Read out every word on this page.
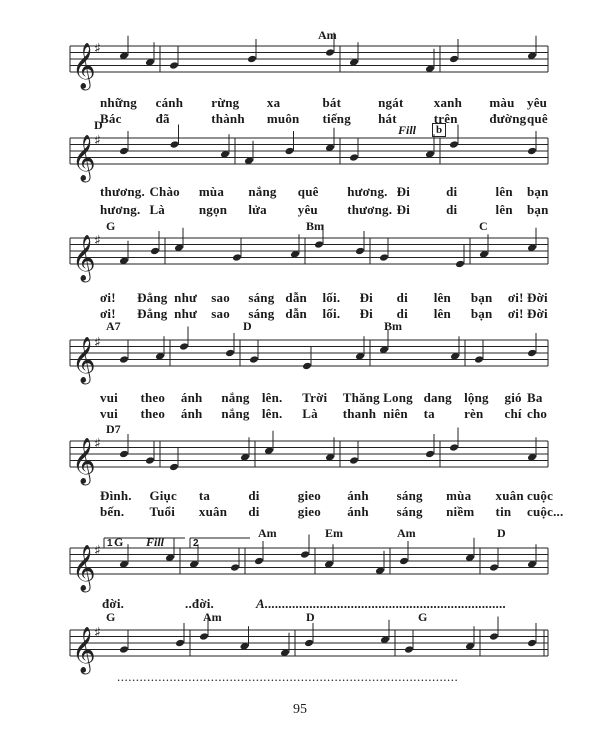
𝄞
♯
𝄞
♯
𝄞
♯
𝄞
♯
𝄞
♯
𝄞
♯
𝄞
♯
Am
D	Fill	b
G	Bm	C
A7	D	Bm
D7
1 G Fill	2
Am	Em	Am	D
G	Am	D	G
những cánh rừng xa	bát	ngát xanh màu yêu
Bác	đã	thành muôn tiếng hát	trên đường quê
thương. Chào mùa nắng quê hương. Đi	di	lên bạn
hương. Là	ngọn lửa yêu thương. Đi	di	lên bạn
ơi! Đẳng như sao sáng dẫn lối. Đi di lên bạn ơi! Đời
ơi! Đẳng như sao sáng dẫn lối. Đi di lên bạn ơi! Đời
vui theo ánh nắng lên. Trời Thăng Long dang lộng gió Ba
vui theo ánh nắng lên. Là thanh niên ta rèn chí cho
Đình. Giục ta	di	gieo ánh sáng mùa xuân cuộc
bến. Tuổi xuân di	gieo ánh sáng niềm tin cuộc...
đời.	..đời.	A......................................................................
...........................................................................................
95
